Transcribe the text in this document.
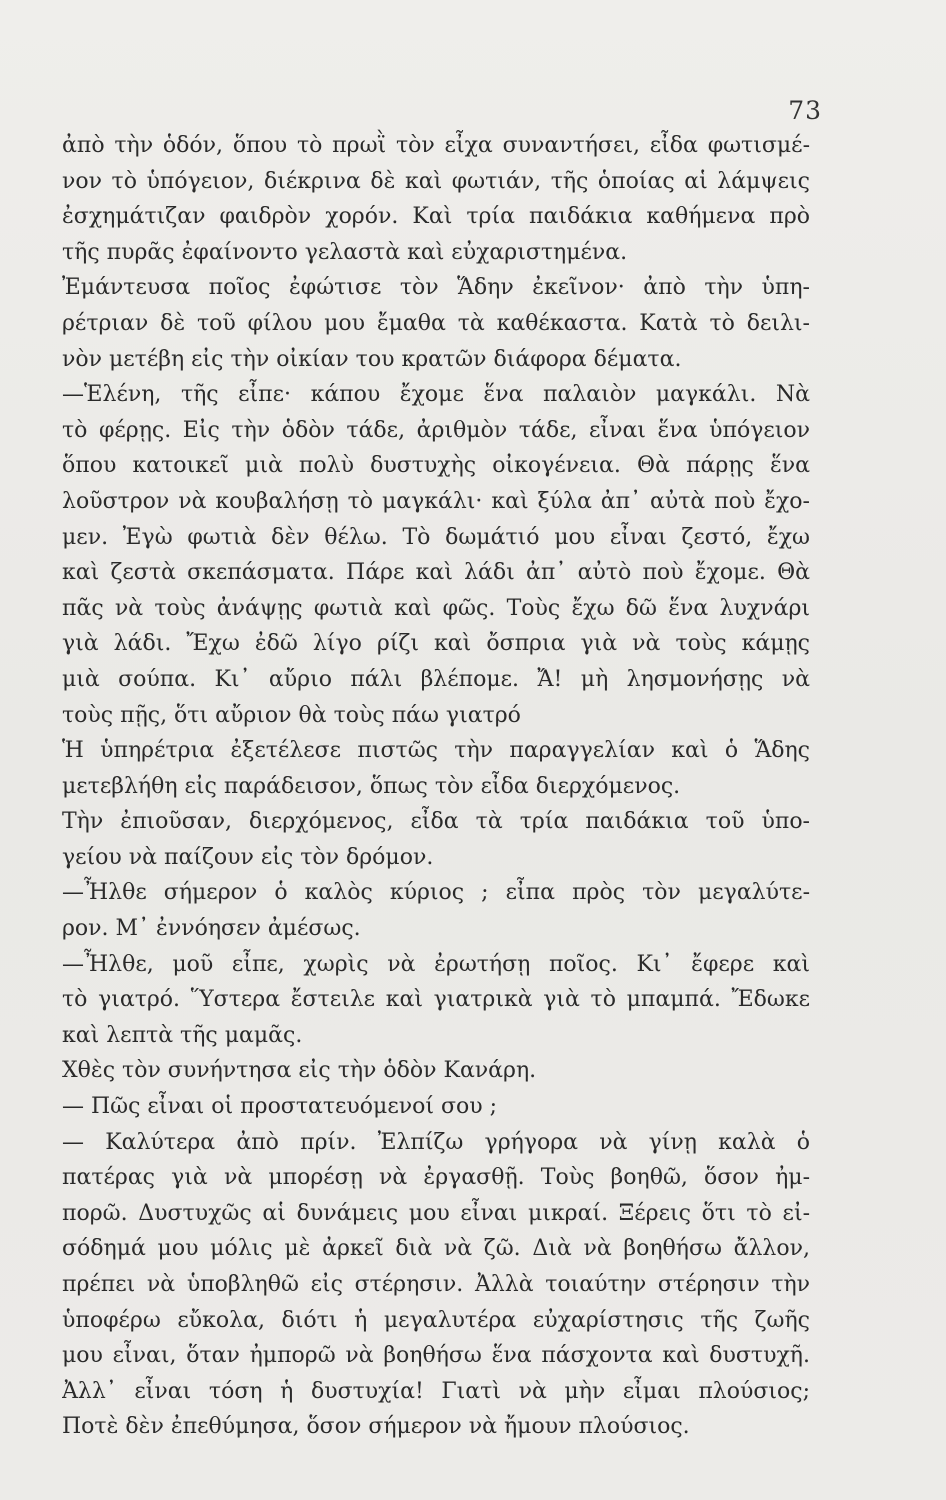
73
ἀπὸ τὴν ὁδόν, ὅπου τὸ πρωῒ τὸν εἶχα συναντήσει, εἶδα φωτισμέ-
νον τὸ ὑπόγειον, διέκρινα δὲ καὶ φωτιάν, τῆς ὁποίας αἱ λάμψεις
ἐσχημάτιζαν φαιδρὸν χορόν. Καὶ τρία παιδάκια καθήμενα πρὸ
τῆς πυρᾶς ἐφαίνοντο γελαστὰ καὶ εὐχαριστημένα.
Ἐμάντευσα ποῖος ἐφώτισε τὸν Ἅδην ἐκεῖνον· ἀπὸ τὴν ὑπη-
ρέτριαν δὲ τοῦ φίλου μου ἔμαθα τὰ καθέκαστα. Κατὰ τὸ δειλι-
νὸν μετέβη εἰς τὴν οἰκίαν του κρατῶν διάφορα δέματα.
—Ἑλένη, τῆς εἶπε· κάπου ἔχομε ἕνα παλαιὸν μαγκάλι. Νὰ
τὸ φέρῃς. Εἰς τὴν ὁδὸν τάδε, ἀριθμὸν τάδε, εἶναι ἕνα ὑπόγειον
ὅπου κατοικεῖ μιὰ πολὺ δυστυχὴς οἰκογένεια. Θὰ πάρῃς ἕνα
λοῦστρον νὰ κουβαλήσῃ τὸ μαγκάλι· καὶ ξύλα ἀπ᾿ αὐτὰ ποὺ ἔχο-
μεν. Ἐγὼ φωτιὰ δὲν θέλω. Τὸ δωμάτιό μου εἶναι ζεστό, ἔχω
καὶ ζεστὰ σκεπάσματα. Πάρε καὶ λάδι ἀπ᾿ αὐτὸ ποὺ ἔχομε. Θὰ
πᾶς νὰ τοὺς ἀνάψῃς φωτιὰ καὶ φῶς. Τοὺς ἔχω δῶ ἕνα λυχνάρι
γιὰ λάδι. Ἔχω ἐδῶ λίγο ρίζι καὶ ὄσπρια γιὰ νὰ τοὺς κάμῃς
μιὰ σούπα. Κι᾿ αὔριο πάλι βλέπομε. Ἄ! μὴ λησμονήσῃς νὰ
τοὺς πῇς, ὅτι αὔριον θὰ τοὺς πάω γιατρό
Ἡ ὑπηρέτρια ἐξετέλεσε πιστῶς τὴν παραγγελίαν καὶ ὁ Ἅδης
μετεβλήθη εἰς παράδεισον, ὅπως τὸν εἶδα διερχόμενος.
Τὴν ἐπιοῦσαν, διερχόμενος, εἶδα τὰ τρία παιδάκια τοῦ ὑπο-
γείου νὰ παίζουν εἰς τὸν δρόμον.
—Ἦλθε σήμερον ὁ καλὸς κύριος ; εἶπα πρὸς τὸν μεγαλύτε-
ρον. Μ᾿ ἐννόησεν ἀμέσως.
—Ἦλθε, μοῦ εἶπε, χωρὶς νὰ ἐρωτήσῃ ποῖος. Κι᾿ ἔφερε καὶ
τὸ γιατρό. Ὕστερα ἔστειλε καὶ γιατρικὰ γιὰ τὸ μπαμπά. Ἔδωκε
καὶ λεπτὰ τῆς μαμᾶς.
Χθὲς τὸν συνήντησα εἰς τὴν ὁδὸν Κανάρη.
— Πῶς εἶναι οἱ προστατευόμενοί σου ;
— Καλύτερα ἀπὸ πρίν. Ἐλπίζω γρήγορα νὰ γίνῃ καλὰ ὁ
πατέρας γιὰ νὰ μπορέσῃ νὰ ἐργασθῇ. Τοὺς βοηθῶ, ὅσον ἠμ-
πορῶ. Δυστυχῶς αἱ δυνάμεις μου εἶναι μικραί. Ξέρεις ὅτι τὸ εἰ-
σόδημά μου μόλις μὲ ἀρκεῖ διὰ νὰ ζῶ. Διὰ νὰ βοηθήσω ἄλλον,
πρέπει νὰ ὑποβληθῶ εἰς στέρησιν. Ἀλλὰ τοιαύτην στέρησιν τὴν
ὑποφέρω εὔκολα, διότι ἡ μεγαλυτέρα εὐχαρίστησις τῆς ζωῆς
μου εἶναι, ὅταν ἠμπορῶ νὰ βοηθήσω ἕνα πάσχοντα καὶ δυστυχῆ.
Ἀλλ᾿ εἶναι τόση ἡ δυστυχία! Γιατὶ νὰ μὴν εἶμαι πλούσιος;
Ποτὲ δὲν ἐπεθύμησα, ὅσον σήμερον νὰ ἤμουν πλούσιος.
